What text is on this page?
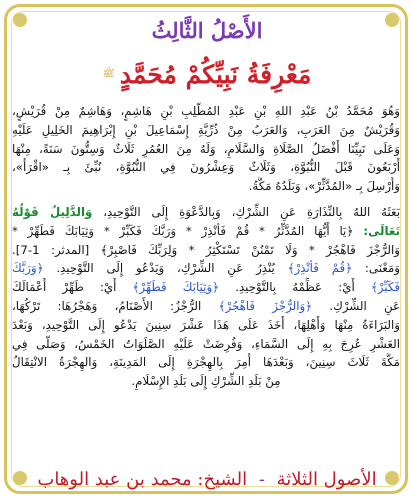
الأَصْلُ الثَّالِثُ
مَعْرِفَةُ نَبِيِّكُمْ مُحَمَّدٍ $^ﷺ$
وَهُوَ مُحَمَّدُ بْنُ عَبْدِ اللهِ بْنِ عَبْدِ المُطَّلِبِ بْنِ هَاشِمٍ، وَهَاشِمٌ مِنْ قُرَيْشٍ،
وَقُرَيْشٌ مِنَ العَرَبِ، وَالعَرَبُ مِنْ ذُرِّيَّةِ إِسْمَاعِيلَ بْنِ إِبْرَاهِيمَ الخَلِيلِ عَلَيْهِ
وَعَلَى نَبِيِّنَا أَفْضَلُ الصَّلَاةِ وَالسَّلَامِ، وَلَهُ مِنَ العُمُرِ ثَلَاثٌ وَسِتُّونَ سَنَةً، مِنْهَا
أَرْبَعُونَ قَبْلَ النُّبُوَّةِ، وَثَلَاثٌ وَعِشْرُونَ فِي النُّبُوَّةِ، نُبِّئَ بِـ «اقْرَأْ»،
وَأُرْسِلَ بِـ «المُدَّثِّرْ»، وَبَلَدُهُ مَكَّةُ.
بَعَثَهُ اللهُ بِالنِّذَارَةِ عَنِ الشِّرْكِ، وَبِالدَّعْوَةِ إِلَى التَّوْحِيدِ، وَالدَّلِيلُ قَوْلُهُ
تَعَالَى: ﴿يَا أَيُّهَا المُدَّثِّرُ * قُمْ فَأَنْذِرْ * وَرَبَّكَ فَكَبِّرْ * وَثِيَابَكَ فَطَهِّرْ *
وَالرُّجْزَ فَاهْجُرْ * وَلَا تَمْنُنْ تَسْتَكْثِرُ * وَلِرَبِّكَ فَاصْبِرْ﴾ [المدثر: 1-7].
وَمَعْنَى: ﴿قُمْ فَأَنْذِرْ﴾ يُنْذِرُ عَنِ الشِّرْكِ، وَيَدْعُو إِلَى التَّوْحِيدِ. ﴿وَرَبَّكَ
فَكَبِّرْ﴾ أَيْ: عَظِّمْهُ بِالتَّوْحِيدِ. ﴿وَثِيَابَكَ فَطَهِّرْ﴾ أَيْ: طَهِّرْ أَعْمَالَكَ
عَنِ الشِّرْكِ. ﴿وَالرُّجْزَ فَاهْجُرْ﴾ الرُّجْزُ: الأَصْنَامُ، وَهَجْرُهَا: تَرْكُهَا،
وَالبَرَاءَةُ مِنْهَا وَأَهْلِهَا، أَخَذَ عَلَى هَذَا عَشْرَ سِنِينَ يَدْعُو إِلَى التَّوْحِيدِ، وَبَعْدَ
العَشْرِ عُرِجَ بِهِ إِلَى السَّمَاءِ، وَفُرِضَتْ عَلَيْهِ الصَّلَوَاتُ الخَمْسُ، وَصَلَّى فِي
مَكَّةَ ثَلَاثَ سِنِينَ، وَبَعْدَهَا أُمِرَ بِالهِجْرَةِ إِلَى المَدِينَةِ، وَالهِجْرَةُ الانْتِقَالُ
مِنْ بَلَدِ الشِّرْكِ إِلَى بَلَدِ الإِسْلَامِ.
الأصول الثلاثة - الشيخ: محمد بن عبد الوهاب
